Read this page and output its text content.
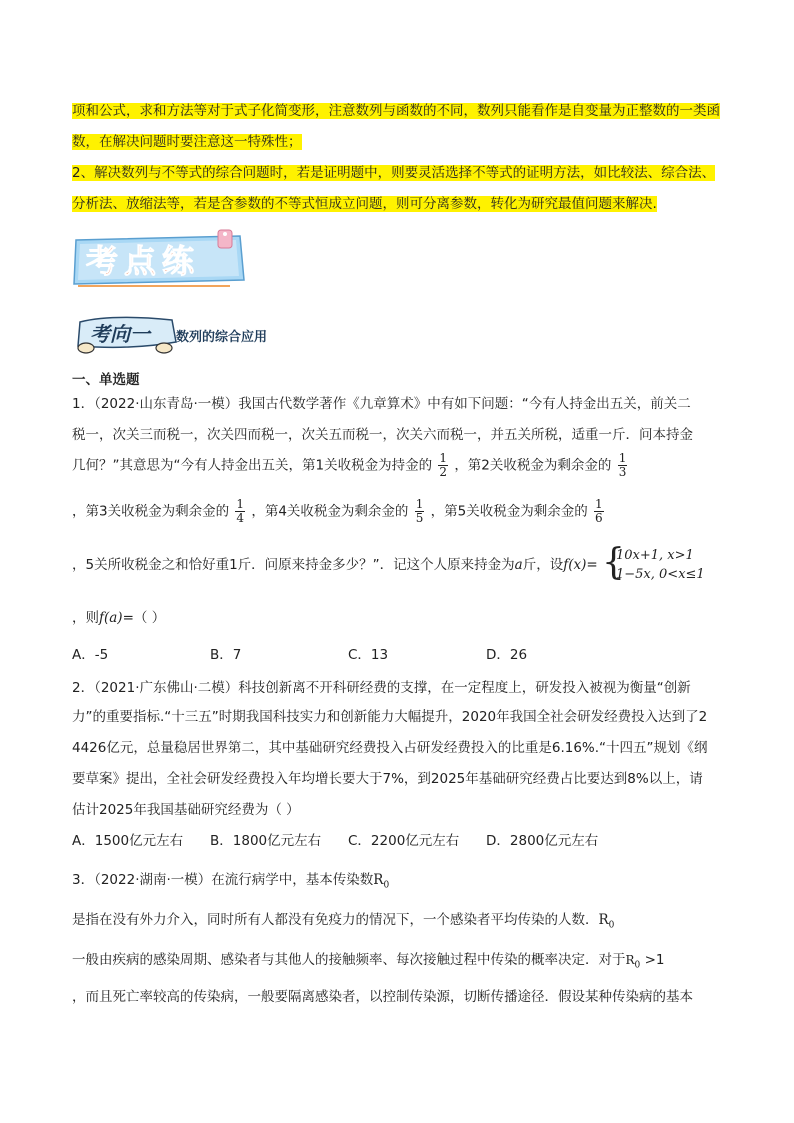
项和公式，求和方法等对于式子化简变形，注意数列与函数的不同，数列只能看作是自变量为正整数的一类函数，在解决问题时要注意这一特殊性；
2、解决数列与不等式的综合问题时，若是证明题中，则要灵活选择不等式的证明方法，如比较法、综合法、分析法、放缩法等，若是含参数的不等式恒成立问题，则可分离参数，转化为研究最值问题来解决.
考点练
考向一 数列的综合应用
一、单选题
1．（2022·山东青岛·一模）我国古代数学著作《九章算术》中有如下问题：“今有人持金出五关，前关二
税一，次关三而税一，次关四而税一，次关五而税一，次关六而税一，并五关所税，适重一斤．问本持金
几何？”其意思为“今有人持金出五关，第1关收税金为持金的 $\frac{1}{2}$ ，第2关收税金为剩余金的 $\frac{1}{3}$
，第3关收税金为剩余金的 $\frac{1}{4}$ ，第4关收税金为剩余金的 $\frac{1}{5}$ ，第5关收税金为剩余金的 $\frac{1}{6}$
，5关所收税金之和恰好重1斤．问原来持金多少？”．记这个人原来持金为a斤，设f(x)= {
10x+1, x>1
1−5x, 0<x≤1
，则f(a)=（ ）
A．-5	B．7	C．13	D．26
2．（2021·广东佛山·二模）科技创新离不开科研经费的支撑，在一定程度上，研发投入被视为衡量“创新
力”的重要指标.“十三五”时期我国科技实力和创新能力大幅提升，2020年我国全社会研发经费投入达到了2
4426亿元，总量稳居世界第二，其中基础研究经费投入占研发经费投入的比重是6.16%.“十四五”规划《纲
要草案》提出，全社会研发经费投入年均增长要大于7%，到2025年基础研究经费占比要达到8%以上，请
估计2025年我国基础研究经费为（ ）
A．1500亿元左右 B．1800亿元左右 C．2200亿元左右 D．2800亿元左右
3．（2022·湖南·一模）在流行病学中，基本传染数$R_0$
是指在没有外力介入，同时所有人都没有免疫力的情况下，一个感染者平均传染的人数．$R_0$
一般由疾病的感染周期、感染者与其他人的接触频率、每次接触过程中传染的概率决定．对于$R_0 >1$
，而且死亡率较高的传染病，一般要隔离感染者，以控制传染源，切断传播途径．假设某种传染病的基本
